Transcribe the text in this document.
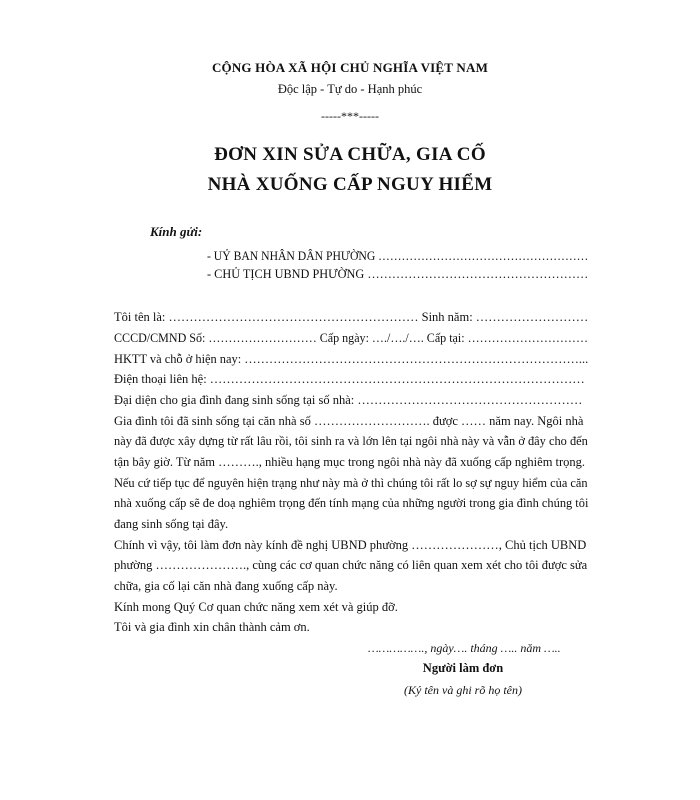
CỘNG HÒA XÃ HỘI CHỦ NGHĨA VIỆT NAM
Độc lập - Tự do - Hạnh phúc
-----***-----
ĐƠN XIN SỬA CHỮA, GIA CỐ
NHÀ XUỐNG CẤP NGUY HIỂM
Kính gửi:
- UỶ BAN NHÂN DÂN PHƯỜNG ………………………………………………
- CHỦ TỊCH UBND PHƯỜNG ………………………………………………
Tôi tên là: …………………………………………………… Sinh năm: ………………………
CCCD/CMND Số: ……………………… Cấp ngày: …./…./…. Cấp tại: …………………………
HKTT và chỗ ở hiện nay: ………………………………………………………………………...
Điện thoại liên hệ: ………………………………………………………………………………
Đại diện cho gia đình đang sinh sống tại số nhà: ………………………………………………
Gia đình tôi đã sinh sống tại căn nhà số ………………………. được …… năm nay. Ngôi nhà
này đã được xây dựng từ rất lâu rồi, tôi sinh ra và lớn lên tại ngôi nhà này và vẫn ở đây cho đến
tận bây giờ. Từ năm ………., nhiều hạng mục trong ngôi nhà này đã xuống cấp nghiêm trọng.
Nếu cứ tiếp tục để nguyên hiện trạng như này mà ở thì chúng tôi rất lo sợ sự nguy hiểm của căn
nhà xuống cấp sẽ đe doạ nghiêm trọng đến tính mạng của những người trong gia đình chúng tôi
đang sinh sống tại đây.
Chính vì vậy, tôi làm đơn này kính đề nghị UBND phường …………………, Chủ tịch UBND
phường …………………., cùng các cơ quan chức năng có liên quan xem xét cho tôi được sửa
chữa, gia cố lại căn nhà đang xuống cấp này.
Kính mong Quý Cơ quan chức năng xem xét và giúp đỡ.
Tôi và gia đình xin chân thành cảm ơn.
……………., ngày…. tháng ….. năm …..
Người làm đơn
(Ký tên và ghi rõ họ tên)
